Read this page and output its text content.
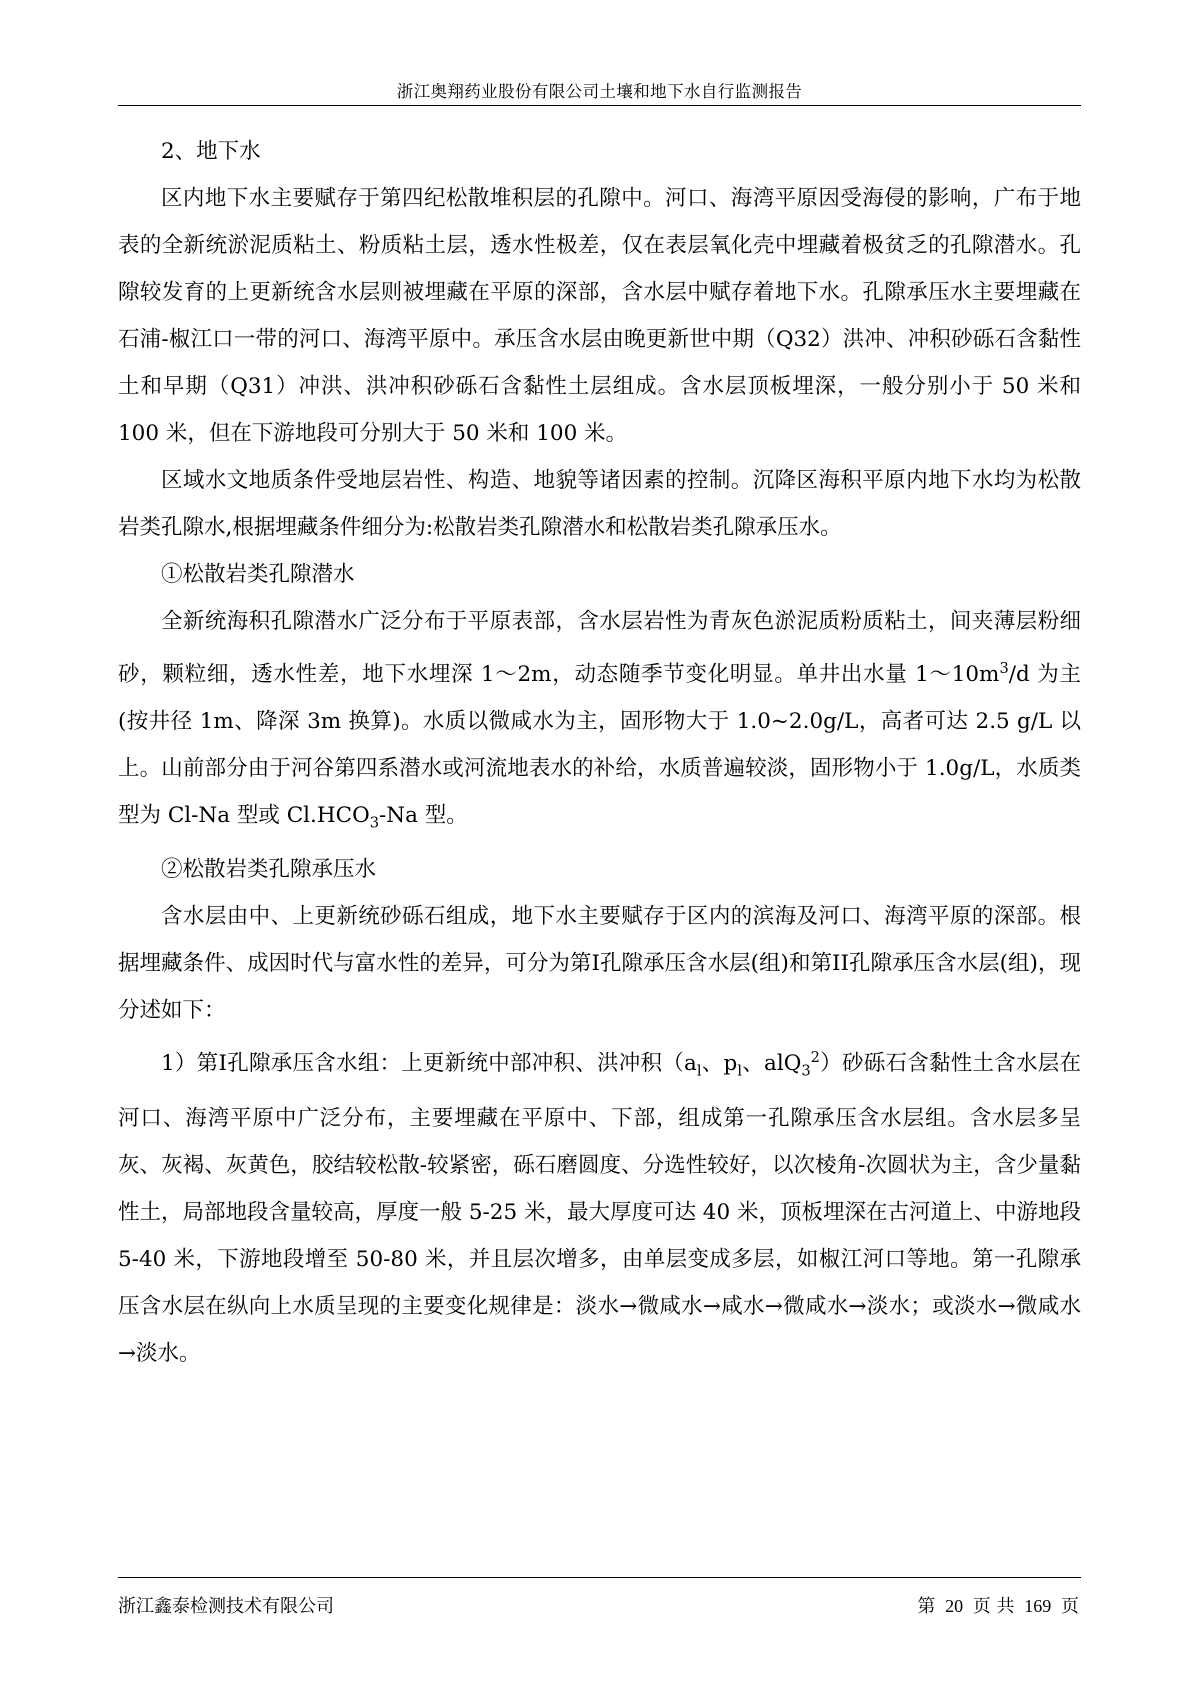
浙江奥翔药业股份有限公司土壤和地下水自行监测报告

2、地下水

区内地下水主要赋存于第四纪松散堆积层的孔隙中。河口、海湾平原因受海侵的影响，广布于地表的全新统淤泥质粘土、粉质粘土层，透水性极差，仅在表层氧化壳中埋藏着极贫乏的孔隙潜水。孔隙较发育的上更新统含水层则被埋藏在平原的深部，含水层中赋存着地下水。孔隙承压水主要埋藏在石浦-椒江口一带的河口、海湾平原中。承压含水层由晚更新世中期（Q32）洪冲、冲积砂砾石含黏性土和早期（Q31）冲洪、洪冲积砂砾石含黏性土层组成。含水层顶板埋深，一般分别小于 50 米和 100 米，但在下游地段可分别大于 50 米和 100 米。

区域水文地质条件受地层岩性、构造、地貌等诸因素的控制。沉降区海积平原内地下水均为松散岩类孔隙水,根据埋藏条件细分为:松散岩类孔隙潜水和松散岩类孔隙承压水。

①松散岩类孔隙潜水

全新统海积孔隙潜水广泛分布于平原表部，含水层岩性为青灰色淤泥质粉质粘土，间夹薄层粉细砂，颗粒细，透水性差，地下水埋深 1～2m，动态随季节变化明显。单井出水量 $1\sim 10m^3/d$ 为主 (按井径 1m、降深 3m 换算)。水质以微咸水为主，固形物大于 1.0~2.0g/L，高者可达 2.5 g/L 以上。山前部分由于河谷第四系潜水或河流地表水的补给，水质普遍较淡，固形物小于 1.0g/L，水质类型为 Cl-Na 型或 $Cl.HCO_3-Na$ 型。

②松散岩类孔隙承压水

含水层由中、上更新统砂砾石组成，地下水主要赋存于区内的滨海及河口、海湾平原的深部。根据埋藏条件、成因时代与富水性的差异，可分为第I孔隙承压含水层(组)和第II孔隙承压含水层(组)，现分述如下：

1）第I孔隙承压含水组：上更新统中部冲积、洪冲积（$a_l$、$p_l$、alQ$_3^2$）砂砾石含黏性土含水层在河口、海湾平原中广泛分布，主要埋藏在平原中、下部，组成第一孔隙承压含水层组。含水层多呈灰、灰褐、灰黄色，胶结较松散-较紧密，砾石磨圆度、分选性较好，以次棱角-次圆状为主，含少量黏性土，局部地段含量较高，厚度一般 5-25 米，最大厚度可达 40 米，顶板埋深在古河道上、中游地段 5-40 米，下游地段增至 50-80 米，并且层次增多，由单层变成多层，如椒江河口等地。第一孔隙承压含水层在纵向上水质呈现的主要变化规律是：淡水→微咸水→咸水→微咸水→淡水；或淡水→微咸水→淡水。

浙江鑫泰检测技术有限公司	第 20 页 共 169 页
